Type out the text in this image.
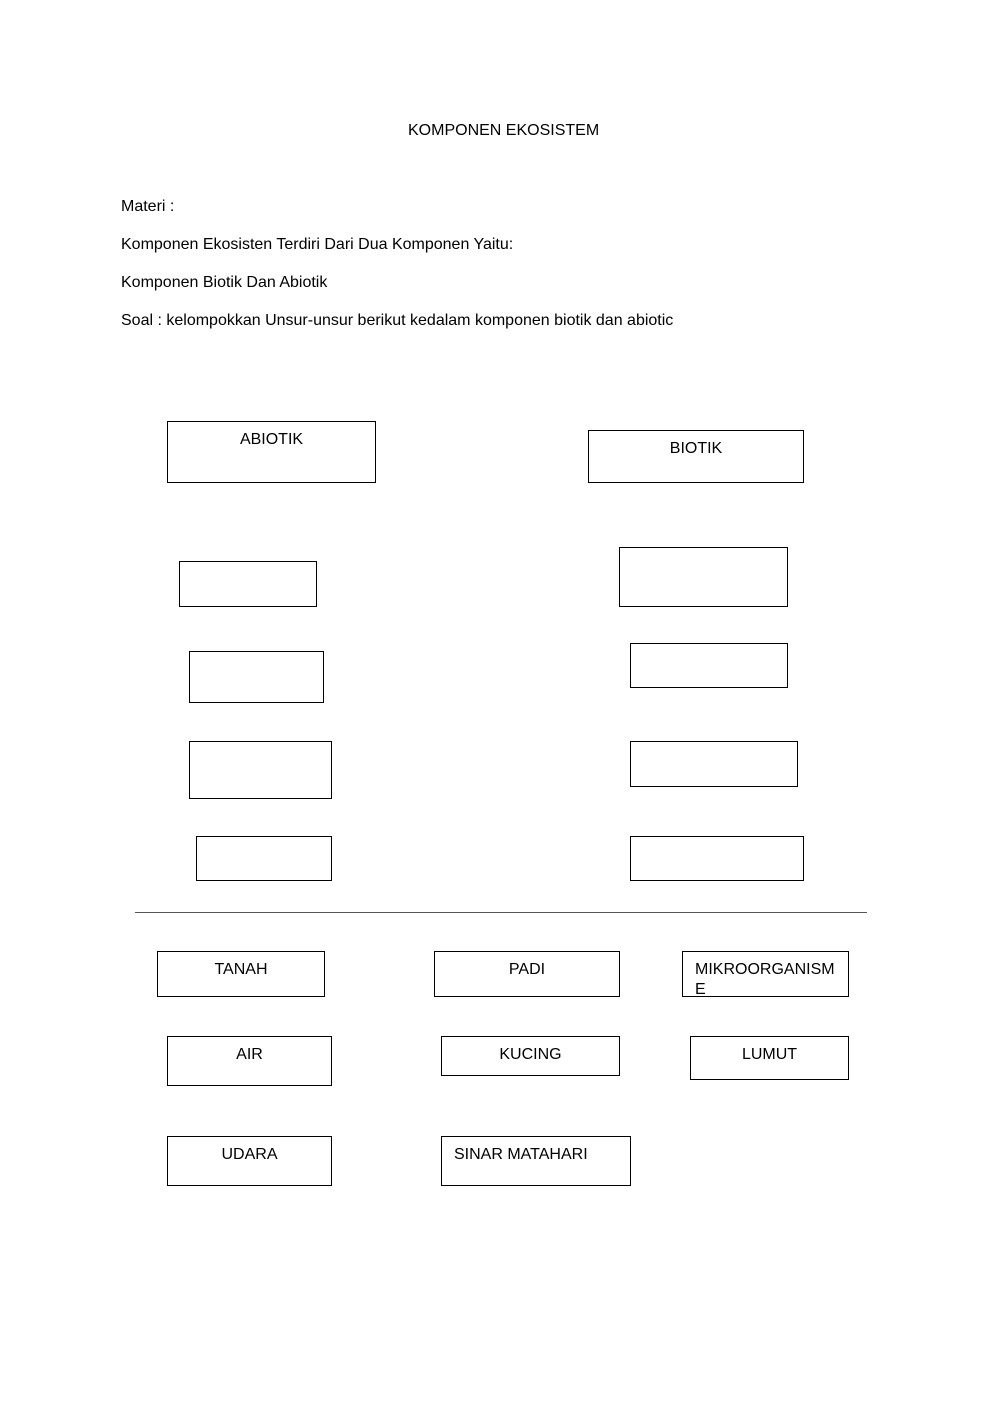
KOMPONEN EKOSISTEM
Materi :
Komponen Ekosisten Terdiri Dari Dua Komponen Yaitu:
Komponen Biotik Dan Abiotik
Soal : kelompokkan Unsur-unsur berikut kedalam komponen biotik dan abiotic
ABIOTIK
BIOTIK
TANAH	PADI	MIKROORGANISME
AIR	KUCING	LUMUT
UDARA	SINAR MATAHARI
